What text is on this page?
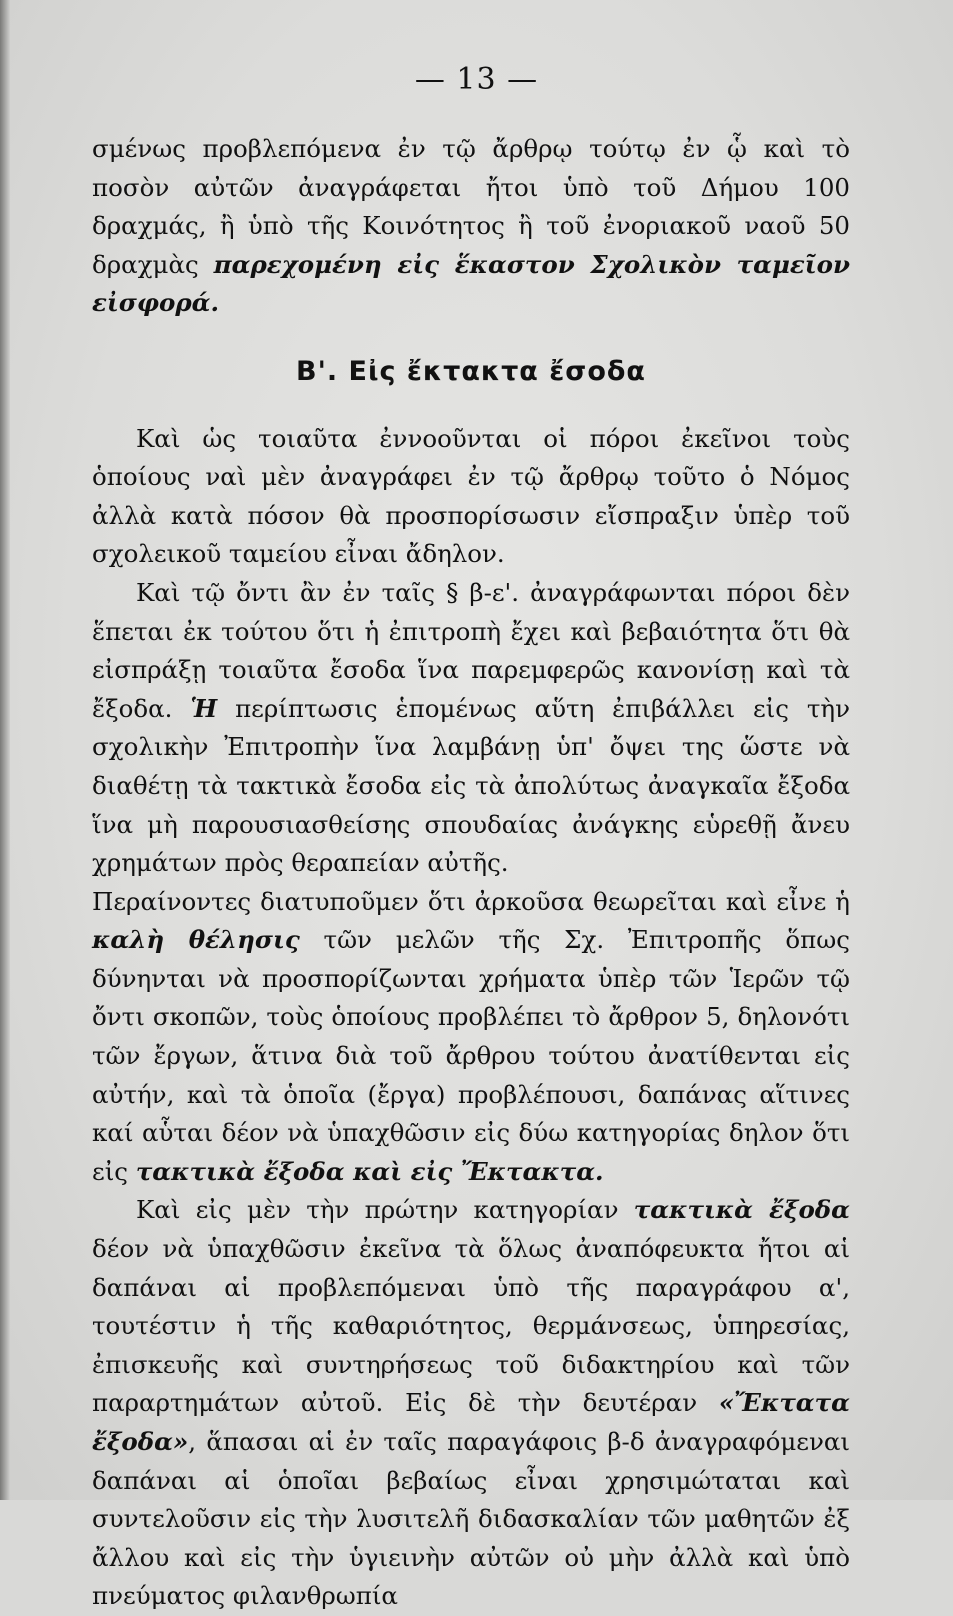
— 13 —

σμένως προβλεπόμενα ἐν τῷ ἄρθρῳ τούτῳ ἐν ᾧ καὶ τὸ ποσὸν αὐτῶν ἀναγράφεται ἤτοι ὑπὸ τοῦ Δήμου 100 δραχμάς, ἢ ὑπὸ τῆς Κοινότητος ἢ τοῦ ἐνοριακοῦ ναοῦ 50 δραχμὰς παρεχομένη εἰς ἕκαστον Σχολικὸν ταμεῖον εἰσφορά.

Β'. Εἰς ἔκτακτα ἔσοδα

Καὶ ὡς τοιαῦτα ἐννοοῦνται οἱ πόροι ἐκεῖνοι τοὺς ὁποίους ναὶ μὲν ἀναγράφει ἐν τῷ ἄρθρῳ τοῦτο ὁ Νόμος ἀλλὰ κατὰ πόσον θὰ προσπορίσωσιν εἴσπραξιν ὑπὲρ τοῦ σχολεικοῦ ταμείου εἶναι ἄδηλον.

Καὶ τῷ ὄντι ἂν ἐν ταῖς § β-ε'. ἀναγράφωνται πόροι δὲν ἕπεται ἐκ τούτου ὅτι ἡ ἐπιτροπὴ ἔχει καὶ βεβαιότητα ὅτι θὰ εἰσπράξῃ τοιαῦτα ἔσοδα ἵνα παρεμφερῶς κανονίσῃ καὶ τὰ ἔξοδα. Ἡ περίπτωσις ἑπομένως αὕτη ἐπιβάλλει εἰς τὴν σχολικὴν Ἐπιτροπὴν ἵνα λαμβάνῃ ὑπ' ὄψει της ὥστε νὰ διαθέτῃ τὰ τακτικὰ ἔσοδα εἰς τὰ ἀπολύτως ἀναγκαῖα ἔξοδα ἵνα μὴ παρουσιασθείσης σπουδαίας ἀνάγκης εὑρεθῇ ἄνευ χρημάτων πρὸς θεραπείαν αὐτῆς.

Περαίνοντες διατυποῦμεν ὅτι ἀρκοῦσα θεωρεῖται καὶ εἶνε ἡ καλὴ θέλησις τῶν μελῶν τῆς Σχ. Ἐπιτροπῆς ὅπως δύνηνται νὰ προσπορίζωνται χρήματα ὑπὲρ τῶν Ἱερῶν τῷ ὄντι σκοπῶν, τοὺς ὁποίους προβλέπει τὸ ἄρθρον 5, δηλονότι τῶν ἔργων, ἅτινα διὰ τοῦ ἄρθρου τούτου ἀνατίθενται εἰς αὐτήν, καὶ τὰ ὁποῖα (ἔργα) προβλέπουσι, δαπάνας αἵτινες καί αὗται δέον νὰ ὑπαχθῶσιν εἰς δύω κατηγορίας δηλον ὅτι εἰς τακτικὰ ἔξοδα καὶ εἰς Ἔκτακτα.

Καὶ εἰς μὲν τὴν πρώτην κατηγορίαν τακτικὰ ἔξοδα δέον νὰ ὑπαχθῶσιν ἐκεῖνα τὰ ὅλως ἀναπόφευκτα ἤτοι αἱ δαπάναι αἱ προβλεπόμεναι ὑπὸ τῆς παραγράφου α', τουτέστιν ἡ τῆς καθαριότητος, θερμάνσεως, ὑπηρεσίας, ἐπισκευῆς καὶ συντηρήσεως τοῦ διδακτηρίου καὶ τῶν παραρτημάτων αὐτοῦ. Εἰς δὲ τὴν δευτέραν «Ἔκτατα ἔξοδα», ἅπασαι αἱ ἐν ταῖς παραγάφοις β-δ ἀναγραφόμεναι δαπάναι αἱ ὁποῖαι βεβαίως εἶναι χρησιμώταται καὶ συντελοῦσιν εἰς τὴν λυσιτελῆ διδασκαλίαν τῶν μαθητῶν ἐξ ἄλλου καὶ εἰς τὴν ὑγιεινὴν αὐτῶν οὐ μὴν ἀλλὰ καὶ ὑπὸ πνεύματος φιλανθρωπία
